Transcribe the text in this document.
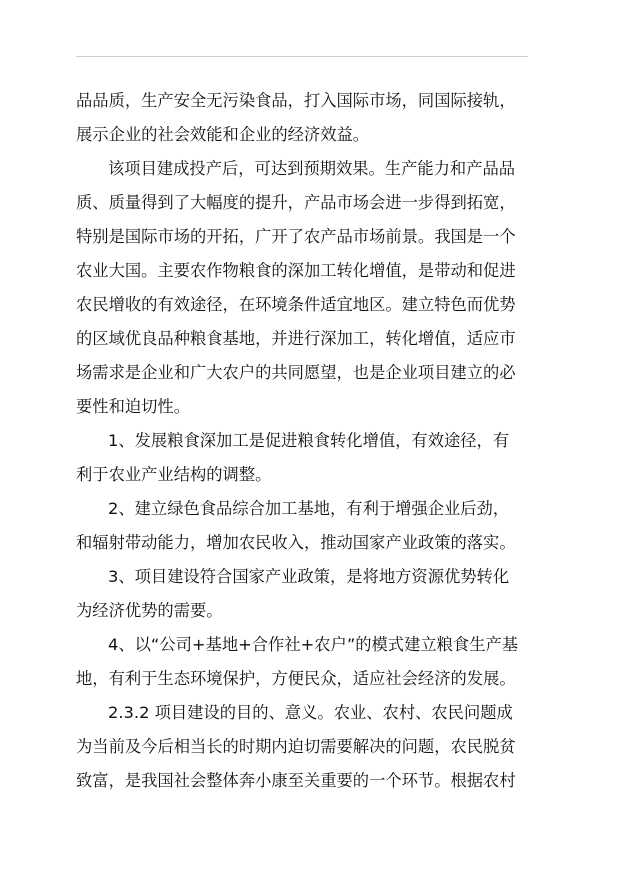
品品质，生产安全无污染食品，打入国际市场，同国际接轨，
展示企业的社会效能和企业的经济效益。
该项目建成投产后，可达到预期效果。生产能力和产品品
质、质量得到了大幅度的提升，产品市场会进一步得到拓宽，
特别是国际市场的开拓，广开了农产品市场前景。我国是一个
农业大国。主要农作物粮食的深加工转化增值，是带动和促进
农民增收的有效途径，在环境条件适宜地区。建立特色而优势
的区域优良品种粮食基地，并进行深加工，转化增值，适应市
场需求是企业和广大农户的共同愿望，也是企业项目建立的必
要性和迫切性。
1、发展粮食深加工是促进粮食转化增值，有效途径，有
利于农业产业结构的调整。
2、建立绿色食品综合加工基地，有利于增强企业后劲，
和辐射带动能力，增加农民收入，推动国家产业政策的落实。
3、项目建设符合国家产业政策，是将地方资源优势转化
为经济优势的需要。
4、以“公司+基地+合作社+农户”的模式建立粮食生产基
地，有利于生态环境保护，方便民众，适应社会经济的发展。
2.3.2 项目建设的目的、意义。农业、农村、农民问题成
为当前及今后相当长的时期内迫切需要解决的问题，农民脱贫
致富，是我国社会整体奔小康至关重要的一个环节。根据农村
